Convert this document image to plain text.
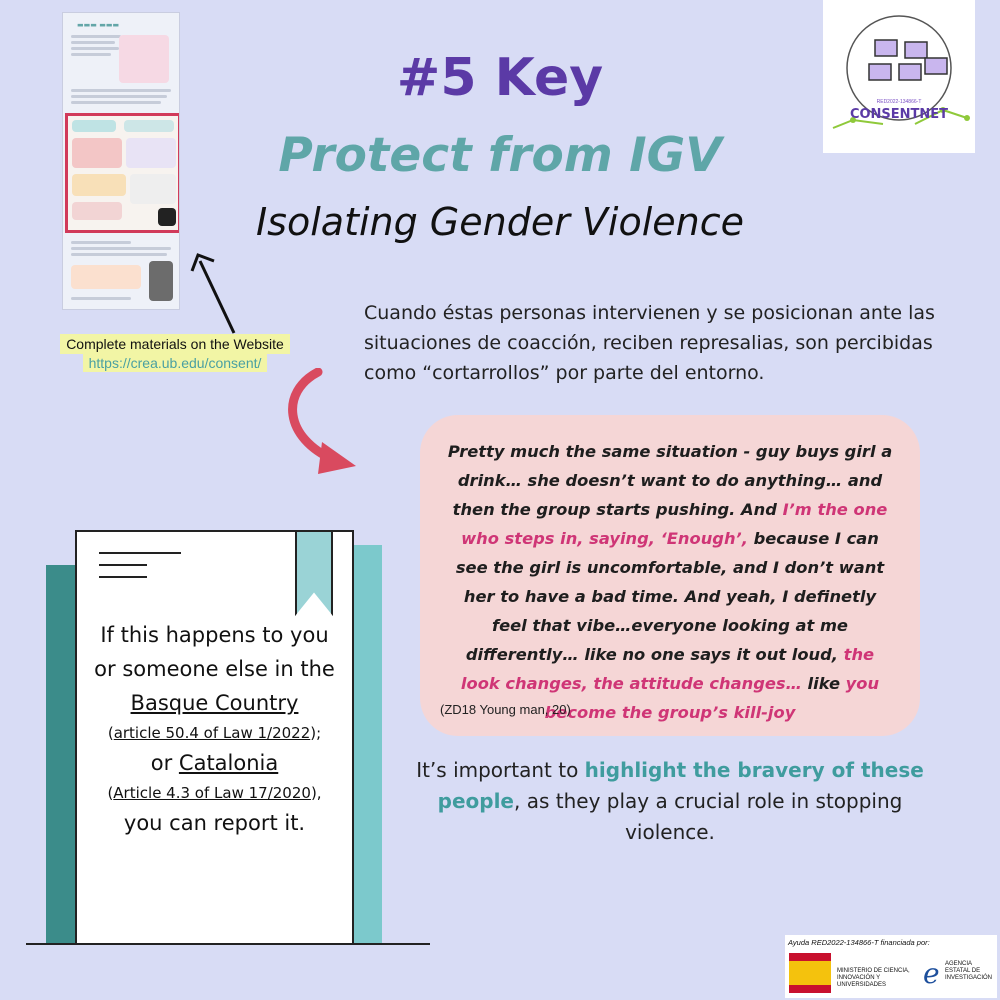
▬▬▬ ▬▬▬
Complete materials on the Website
https://crea.ub.edu/consent/
RED2022-134866-T
CONSENTNET
#5 Key
Protect from IGV
Isolating Gender Violence
Cuando éstas personas intervienen y se posicionan ante las situaciones de coacción, reciben represalias, son percibidas como “cortarrollos” por parte del entorno.
Pretty much the same situation - guy buys girl a drink… she doesn’t want to do anything… and then the group starts pushing. And I’m the one who steps in, saying, ‘Enough’, because I can see the girl is uncomfortable, and I don’t want her to have a bad time. And yeah, I definetly feel that vibe…everyone looking at me differently… like no one says it out loud, the look changes, the attitude changes… like you become the group’s kill-joy
(ZD18 Young man, 20)
It’s important to highlight the bravery of these people, as they play a crucial role in stopping violence.
If this happens to you
or someone else in the
Basque Country
(article 50.4 of Law 1/2022);
or Catalonia
(Article 4.3 of Law 17/2020),
you can report it.
Ayuda RED2022-134866-T financiada por:
MINISTERIO DE CIENCIA, INNOVACIÓN Y UNIVERSIDADES	e AGENCIA ESTATAL DE INVESTIGACIÓN
